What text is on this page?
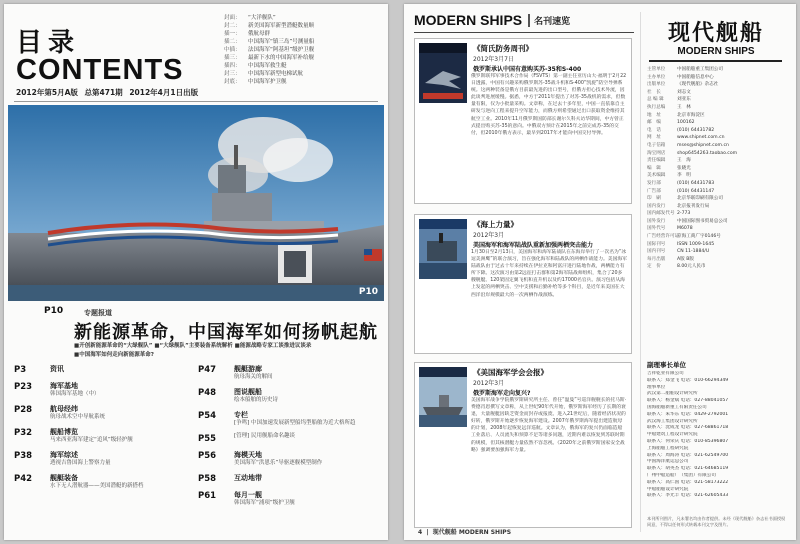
目录
CONTENTS
2012年第5月A版 总第471期 2012年4月1日出版
封面：	“大洋舰队”
封二：	新美国海军新型潜艇数量顺
插一：	俄航母群
插二：	中国海军“镇三岛”号测量船
中插：	法国海军“阿基坦”级护卫舰
插三：	最新下水的中国海军补给舰
插四：	中国海军救生艇
封三：	中国海军新型电梯试航
封底：	中国海军护卫舰
P10
P10	专题报道
新能源革命，中国海军如何扬帆起航
■开创新能源革命的“大绿舰队” ■“大绿舰队”主要装备系统解析 ■能源战略专家工谈推进议谈录
■中国海军如何走向新能源革命?
P3	资讯
P23	海军基地
韩国海军基地（中）
P28	航母经纬
航母战术空中导航系统
P32	舰船博览
马来西亚海军建定“追风”级轻护舰
P38	海军综述
透视吉鲁国海上警察力量
P42	舰艇装备
水下无人潜航器——美国潜艇的新搭档
P47	舰艇游廊
航母海关的解间
P48	图说舰船
绘本船舶的历史诗
P54	专栏
[争鸣] 中国加速发展新型船坞型船舶为近大格所趋
P55	[管理] 民用舰船命名趣谈
P56	海模天地
美国海军“洪恩乐”导驱逐舰模型制作
P58	互动地带
P61	每月一舰
韩国海军“浦项”级护卫舰
MODERN SHIPS	名刊速览
《简氏防务周刊》
2012年3月7日
俄罗斯承认中国有意购买苏-35和S-400
俄罗斯联邦军事技术合作局（FSVTS）第一副主任亚历山大·福明于2月22日透露，中国有兴趣采购俄罗斯苏-35战斗机和S-400“凯旋”防空导弹系统。这两种装备是俄方目前最先进的出口型号，但俄方担心技术外流，因此谈判进展缓慢。据悉，中方于2011年提出了对苏-35战机的需求，但数量有限，仅为小批量采购。文章称，在过去十多年里，中国一直依靠自主研发与逆向工程来提升空军能力，而俄方则希望通过出口获取资金维持其航空工业。2010年11月俄罗斯国防部长谢尔久科夫访华期间，中方曾正式提出购买苏-35的意向。中俄双方预计在2015年之前完成苏-35的交付，但2010年俄方表示，最早到2017年才能向中国交付导弹。
《海上力量》
2012年3月
美国海军和海军陆战队重新加强两栖突击能力
1月30日至2月13日，美国海军和海军陆战队在东海岸举行了一次名为“冰逗美洲鹰”的联合演习，旨在强化海军和陆战队的两栖作战能力。美国海军陆战队由于过去十年来持续在伊拉克和阿富汗进行陆地作战，两栖能力有所下降。这次演习由第2远征打击群和第2海军陆战师组织，集合了20多艘舰艇、120架固定翼飞机和直升机以及约17000名官兵。演习包括从海上发起的两栖突击、空中支援和后勤补给等多个科目，是近年来美国在大西洋沿岸规模最大的一次两栖作战演练。
《美国海军学会会报》
2012年3月
俄罗斯海军走向复兴?
美国海军战争学院俄罗斯研究所主任、曾任“温曼”号巡洋舰舰长的托马斯·费德肖恩撰写文章称，从上世纪90年代开始，俄罗斯海军经历了长期的衰退，大量舰艇因缺乏资金而封存或报废。进入21世纪后，随着经济状况的好转，俄罗斯开始逐步恢复海军建设。2007年俄罗斯海军提出建造航母的计划，2008年起恢复远洋巡航。文章认为，俄海军的复兴仍面临造船工业落后、人员流失和预算不足等诸多问题，近期内难以恢复到苏联时期的规模，但其核潜艇力量依然不容忽视。《2020年之前俄罗斯国家安全战略》强调要加强海军力量。
4  |  现代舰船 MODERN SHIPS
现代舰船
MODERN SHIPS
主管单位	中国船舶重工集团公司
主办单位	中国船舶信息中心
出版单位	《现代舰船》杂志社
社　长	刘志文
总 编 辑	刘亚东
执行总编	王　林
地　址	北京市海淀区
邮　编	100162
电　话	(010) 64431782
网　址	www.shipnet.com.cn
电子信箱	mses@shipnet.com.cn
淘宝网店	shop6454263.taobao.com
责任编辑	王　海
编　辑	张晓光
美术编辑	李　明
发行部	(010) 64431783
广告部	(010) 64431147
印　刷	北京华联印刷有限公司
国内发行	北京报刊发行局
国内邮发代号 2-773
国外发行	中国国际图书贸易总公司
国外代号	M6078
广告经营许可证
京海工商广字0146号
国际刊号	ISSN 1009-1645
国内刊号	CN 11-1884/U
每月出版	A版 B版
定　价	8.00元人民币
副理事长单位
吉祥乾业有限公司
联系人：郑金飞 电话：010-66294349
理事单位
武汉第二船舶设计研究所
联系人：杨金斌 电话：027-88041057
国海船舶新重工有限责任公司
联系人：朱华东 电话：0429-2792001
武汉海工集团设计研究所
联系人：沈成龙 电话：027-68861718
中船建筑工程设计研究院
联系人：何荣庆 电话：010-85396807
上海船舶工程研究院
联系人：周海涛 电话：021-62549700
中国海洋航运总公司
联系人：胡英杰 电话：021-64685119
广州中船造船厂（集团）有限公司
联系人：高仁国 电话：021-58173222
中船船舶设计研究院
联系人：李光丰 电话：021-62605433
本刊所刊图片，凡未署名均由作者提供。未经《现代舰船》杂志社书面授权同意，不得以任何形式转载本刊文字及图片。
